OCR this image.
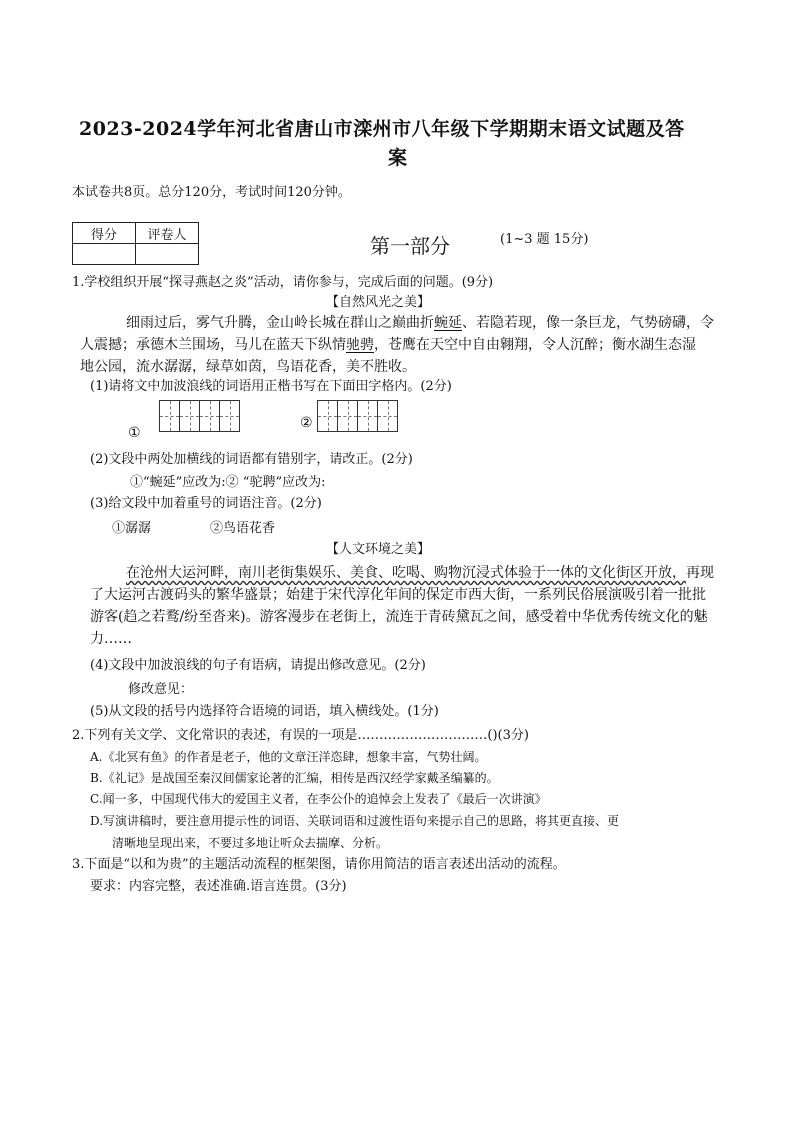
2023-2024学年河北省唐山市滦州市八年级下学期期末语文试题及答
案
本试卷共8页。总分120分，考试时间120分钟。
得分	评卷人
		第一部分	(1~3 题 15分)
1.学校组织开展“探寻燕赵之炎”活动，请你参与，完成后面的问题。(9分)
【自然风光之美】
细雨过后，雾气升腾，金山岭长城在群山之巅曲折蜿延、若隐若现，像一条巨龙，气势磅礴，令
人震撼；承德木兰围场，马儿在蓝天下纵情驰骋，苍鹰在天空中自由翱翔，令人沉醉；衡水湖生态湿
地公园，流水潺潺，绿草如茵，鸟语花香，美不胜收。
(1)请将文中加波浪线的词语用正楷书写在下面田字格内。(2分)
①
②
(2)文段中两处加横线的词语都有错别字，请改正。(2分)
①“蜿延”应改为:② “驼聘”应改为:
(3)给文段中加着重号的词语注音。(2分)
①潺潺	②鸟语花香
【人文环境之美】
在沧州大运河畔，南川老街集娱乐、美食、吃喝、购物沉浸式体验于一体的文化街区开放，再现
了大运河古渡码头的繁华盛景；始建于宋代淳化年间的保定市西大街，一系列民俗展演吸引着一批批
游客(趋之若鹜/纷至沓来)。游客漫步在老街上，流连于青砖黛瓦之间，感受着中华优秀传统文化的魅
力……
(4)文段中加波浪线的句子有语病，请提出修改意见。(2分)
修改意见：
(5)从文段的括号内选择符合语境的词语，填入横线处。(1分)
2.下列有关文学、文化常识的表述，有误的一项是…………………………()(3分)
A.《北冥有鱼》的作者是老子，他的文章汪洋恣肆，想象丰富，气势壮阔。
B.《礼记》是战国至秦汉间儒家论著的汇编，相传是西汉经学家戴圣编纂的。
C.闻一多，中国现代伟大的爱国主义者，在李公仆的追悼会上发表了《最后一次讲演》
D.写演讲稿时，要注意用提示性的词语、关联词语和过渡性语句来提示自己的思路，将其更直接、更
清晰地呈现出来，不要过多地让听众去揣摩、分析。
3.下面是“以和为贵”的主题活动流程的框架图，请你用简洁的语言表述出活动的流程。
要求：内容完整，表述准确.语言连贯。(3分)
